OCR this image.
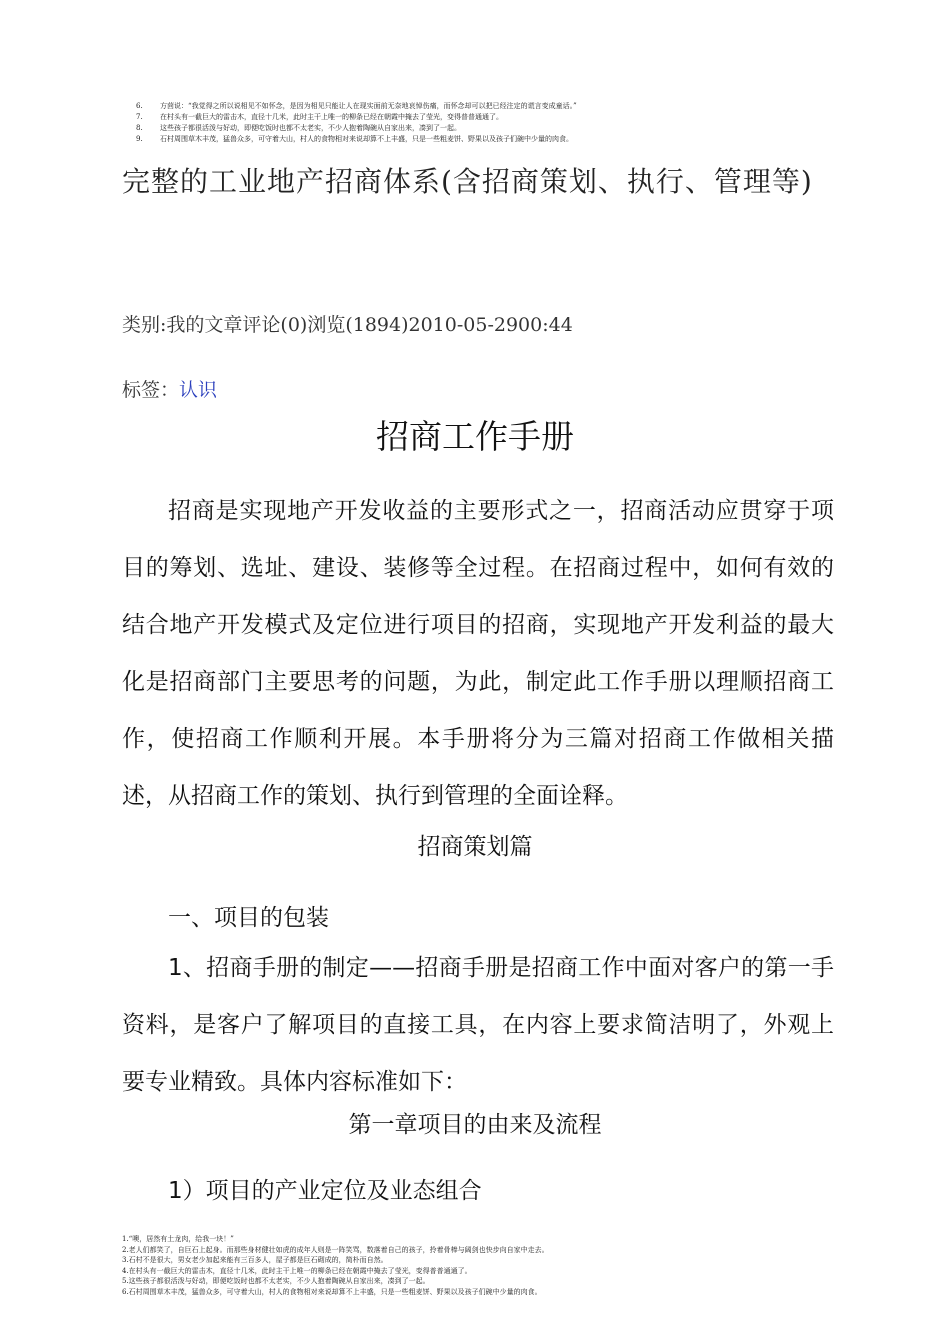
6. 方茴说：“我觉得之所以说相见不如怀念，是因为相见只能让人在现实面前无奈地哀悼伤痛，而怀念却可以把已经注定的谎言变成童话。”
7. 在村头有一截巨大的雷击木，直径十几米，此时主干上唯一的柳条已经在朝霞中掩去了莹光，变得普普通通了。
8. 这些孩子都很活泼与好动，即便吃饭时也都不太老实，不少人抱着陶碗从自家出来，凑到了一起。
9. 石村周围草木丰茂，猛兽众多，可守着大山，村人的食物相对来说却算不上丰盛，只是一些粗麦饼、野果以及孩子们碗中少量的肉食。
完整的工业地产招商体系(含招商策划、执行、管理等)
类别:我的文章评论(0)浏览(1894)2010-05-2900:44
标签：认识
招商工作手册

招商是实现地产开发收益的主要形式之一，招商活动应贯穿于项目的筹划、选址、建设、装修等全过程。在招商过程中，如何有效的结合地产开发模式及定位进行项目的招商，实现地产开发利益的最大化是招商部门主要思考的问题，为此，制定此工作手册以理顺招商工作，使招商工作顺利开展。本手册将分为三篇对招商工作做相关描述，从招商工作的策划、执行到管理的全面诠释。

招商策划篇
一、项目的包装

1、招商手册的制定——招商手册是招商工作中面对客户的第一手资料，是客户了解项目的直接工具，在内容上要求简洁明了，外观上要专业精致。具体内容标准如下：

第一章项目的由来及流程
1）项目的产业定位及业态组合
1.“噢，居然有土龙肉，给我一块！”
2.老人们都笑了，自巨石上起身。而那些身材健壮如虎的成年人则是一阵笑骂，数落着自己的孩子，拎着骨棒与阔剑也快步向自家中走去。
3.石村不是很大，男女老少加起来能有三百多人，屋子都是巨石砌成的，简朴而自然。
4.在村头有一截巨大的雷击木，直径十几米，此时主干上唯一的柳条已经在朝霞中掩去了莹光，变得普普通通了。
5.这些孩子都很活泼与好动，即便吃饭时也都不太老实，不少人抱着陶碗从自家出来，凑到了一起。
6.石村周围草木丰茂，猛兽众多，可守着大山，村人的食物相对来说却算不上丰盛，只是一些粗麦饼、野果以及孩子们碗中少量的肉食。
